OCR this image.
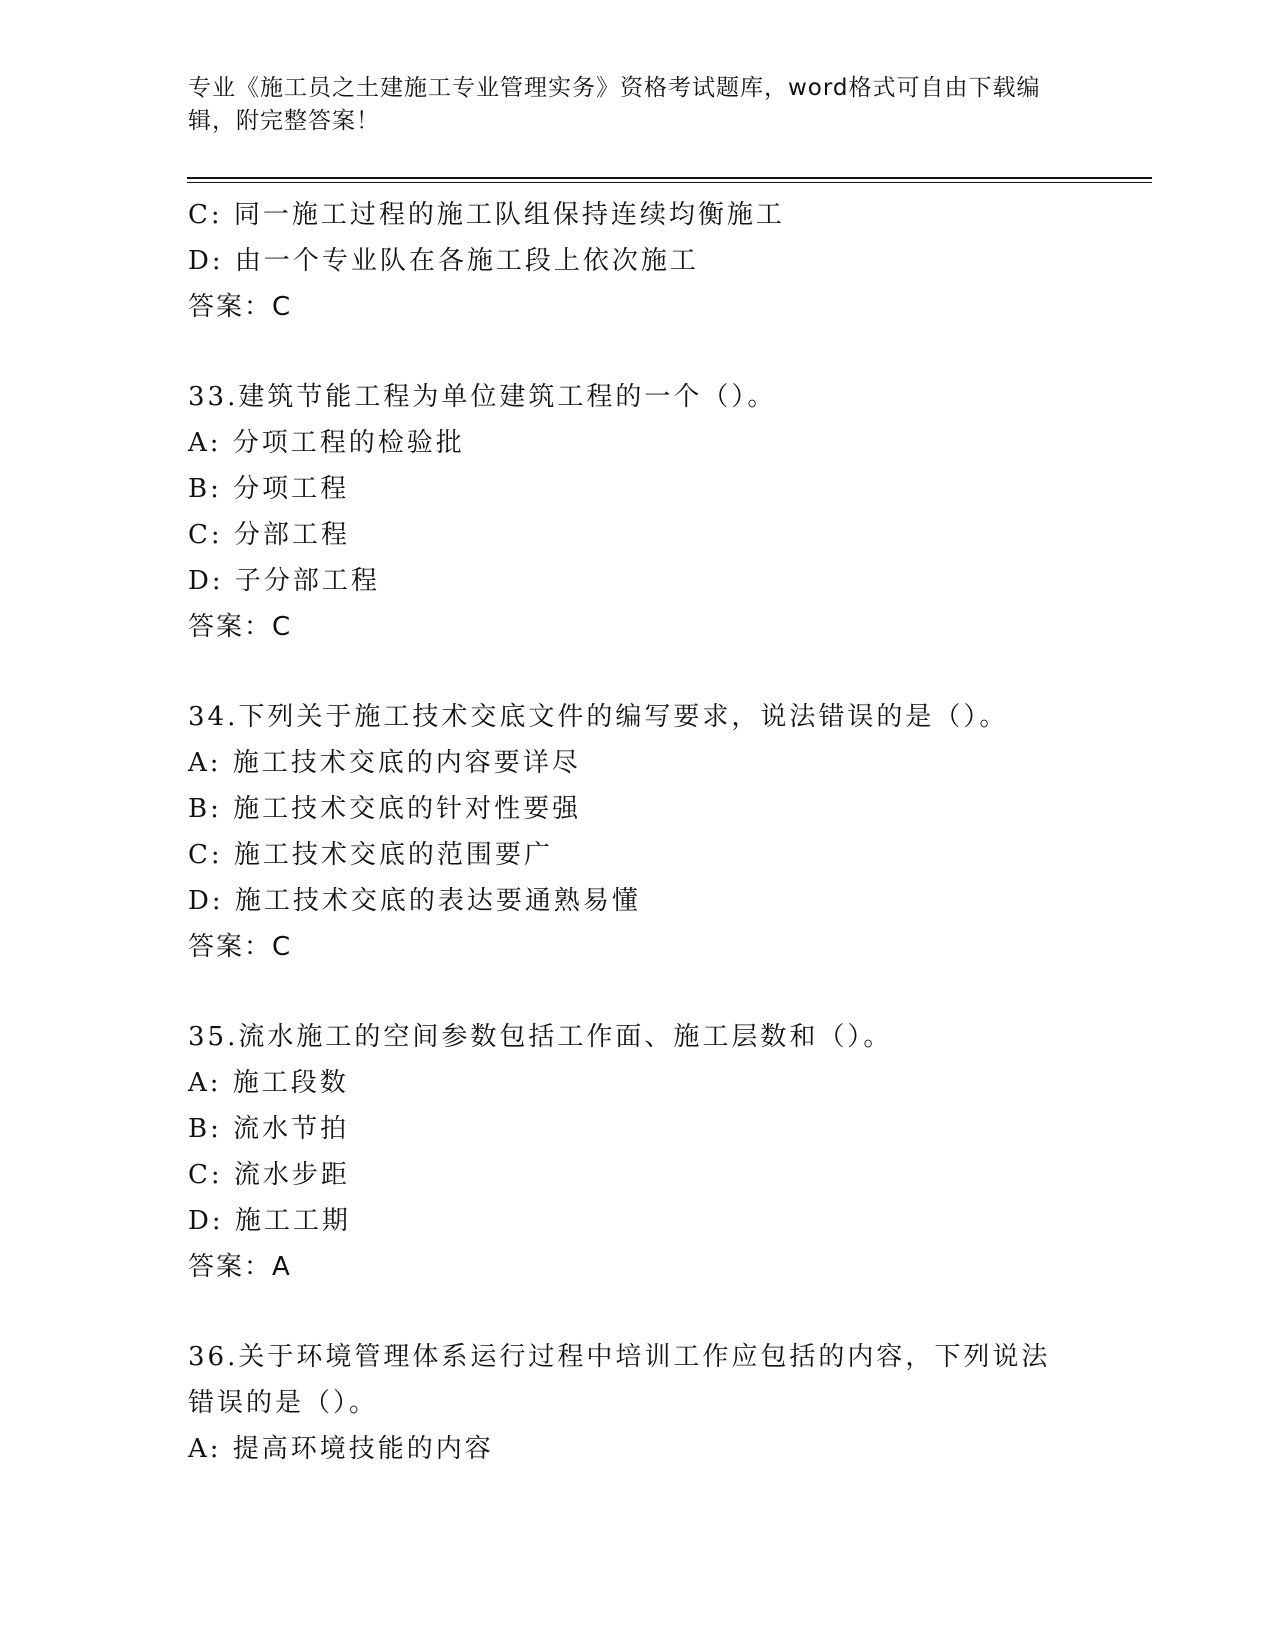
专业《施工员之土建施工专业管理实务》资格考试题库，word格式可自由下载编辑，附完整答案！
C: 同一施工过程的施工队组保持连续均衡施工
D: 由一个专业队在各施工段上依次施工
答案：C
33.建筑节能工程为单位建筑工程的一个（）。
A: 分项工程的检验批
B: 分项工程
C: 分部工程
D: 子分部工程
答案：C
34.下列关于施工技术交底文件的编写要求，说法错误的是（）。
A: 施工技术交底的内容要详尽
B: 施工技术交底的针对性要强
C: 施工技术交底的范围要广
D: 施工技术交底的表达要通熟易懂
答案：C
35.流水施工的空间参数包括工作面、施工层数和（）。
A: 施工段数
B: 流水节拍
C: 流水步距
D: 施工工期
答案：A
36.关于环境管理体系运行过程中培训工作应包括的内容，下列说法错误的是（）。
A: 提高环境技能的内容
